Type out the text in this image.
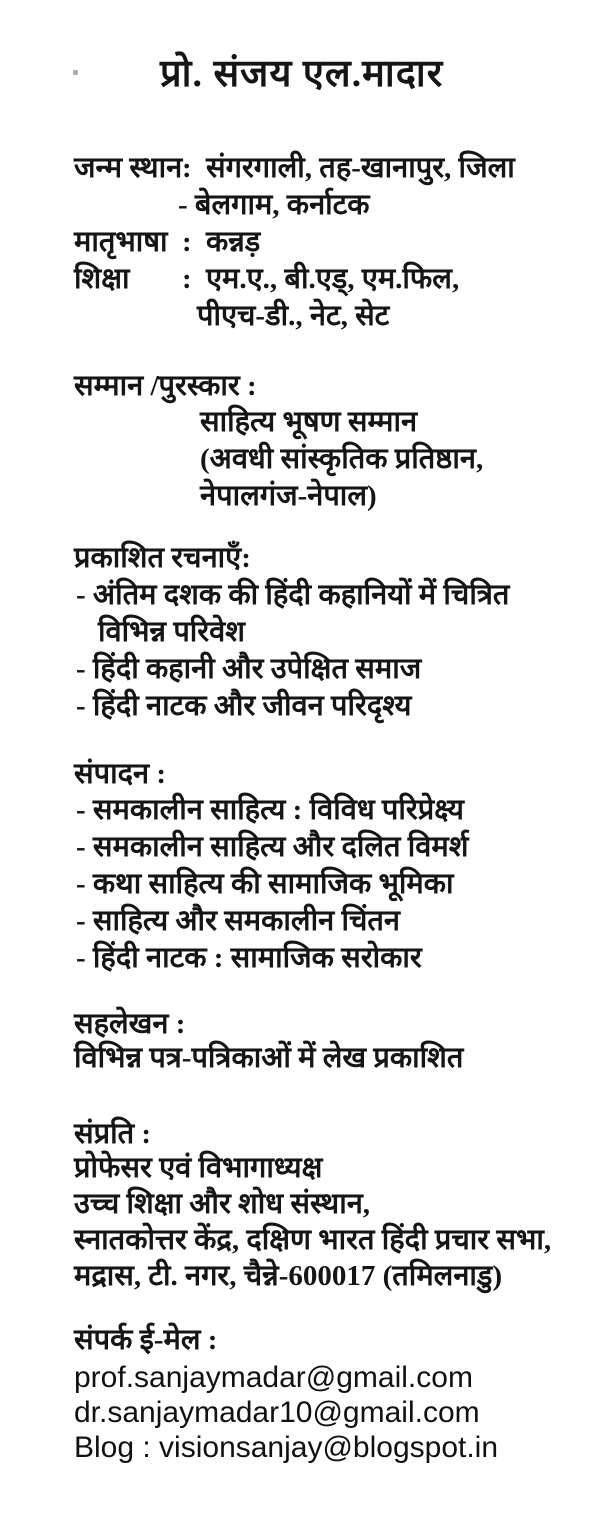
प्रो. संजय एल.मादार
जन्म स्थान : संगरगाली, तह-खानापुर, जिला
- बेलगाम, कर्नाटक
मातृभाषा : कन्नड़
शिक्षा	: एम.ए., बी.एड्, एम.फिल,
पीएच-डी., नेट, सेट
सम्मान /पुरस्कार :
साहित्य भूषण सम्मान
(अवधी सांस्कृतिक प्रतिष्ठान,
नेपालगंज-नेपाल)
प्रकाशित रचनाएँ:
- अंतिम दशक की हिंदी कहानियों में चित्रित
विभिन्न परिवेश
- हिंदी कहानी और उपेक्षित समाज
- हिंदी नाटक और जीवन परिदृश्य
संपादन :
- समकालीन साहित्य : विविध परिप्रेक्ष्य
- समकालीन साहित्य और दलित विमर्श
- कथा साहित्य की सामाजिक भूमिका
- साहित्य और समकालीन चिंतन
- हिंदी नाटक : सामाजिक सरोकार
सहलेखन :
विभिन्न पत्र-पत्रिकाओं में लेख प्रकाशित
संप्रति :
प्रोफेसर एवं विभागाध्यक्ष
उच्च शिक्षा और शोध संस्थान,
स्नातकोत्तर केंद्र, दक्षिण भारत हिंदी प्रचार सभा,
मद्रास, टी. नगर, चैन्ने-600017 (तमिलनाडु)
संपर्क ई-मेल :
prof.sanjaymadar@gmail.com
dr.sanjaymadar10@gmail.com
Blog : visionsanjay@blogspot.in
